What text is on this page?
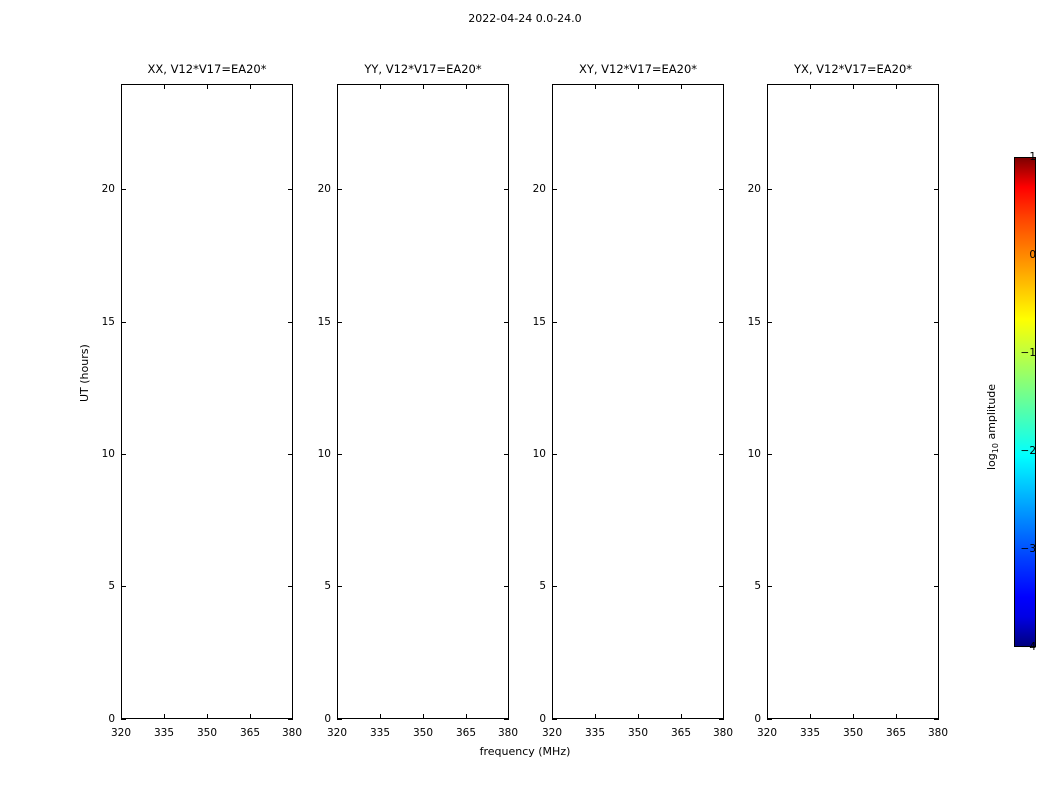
2022-04-24 0.0-24.0
XX, V12*V17=EA20*
0
5
10
15
20
320	335	350	365	380
YY, V12*V17=EA20*
0
5
10
15
20
320	335	350	365	380
XY, V12*V17=EA20*
0
5
10
15
20
320	335	350	365	380
YX, V12*V17=EA20*
0
5
10
15
20
320	335	350	365	380
UT (hours)
frequency (MHz)
−4
−3
−2
−1
0
1
$\log_{10}$ amplitude
